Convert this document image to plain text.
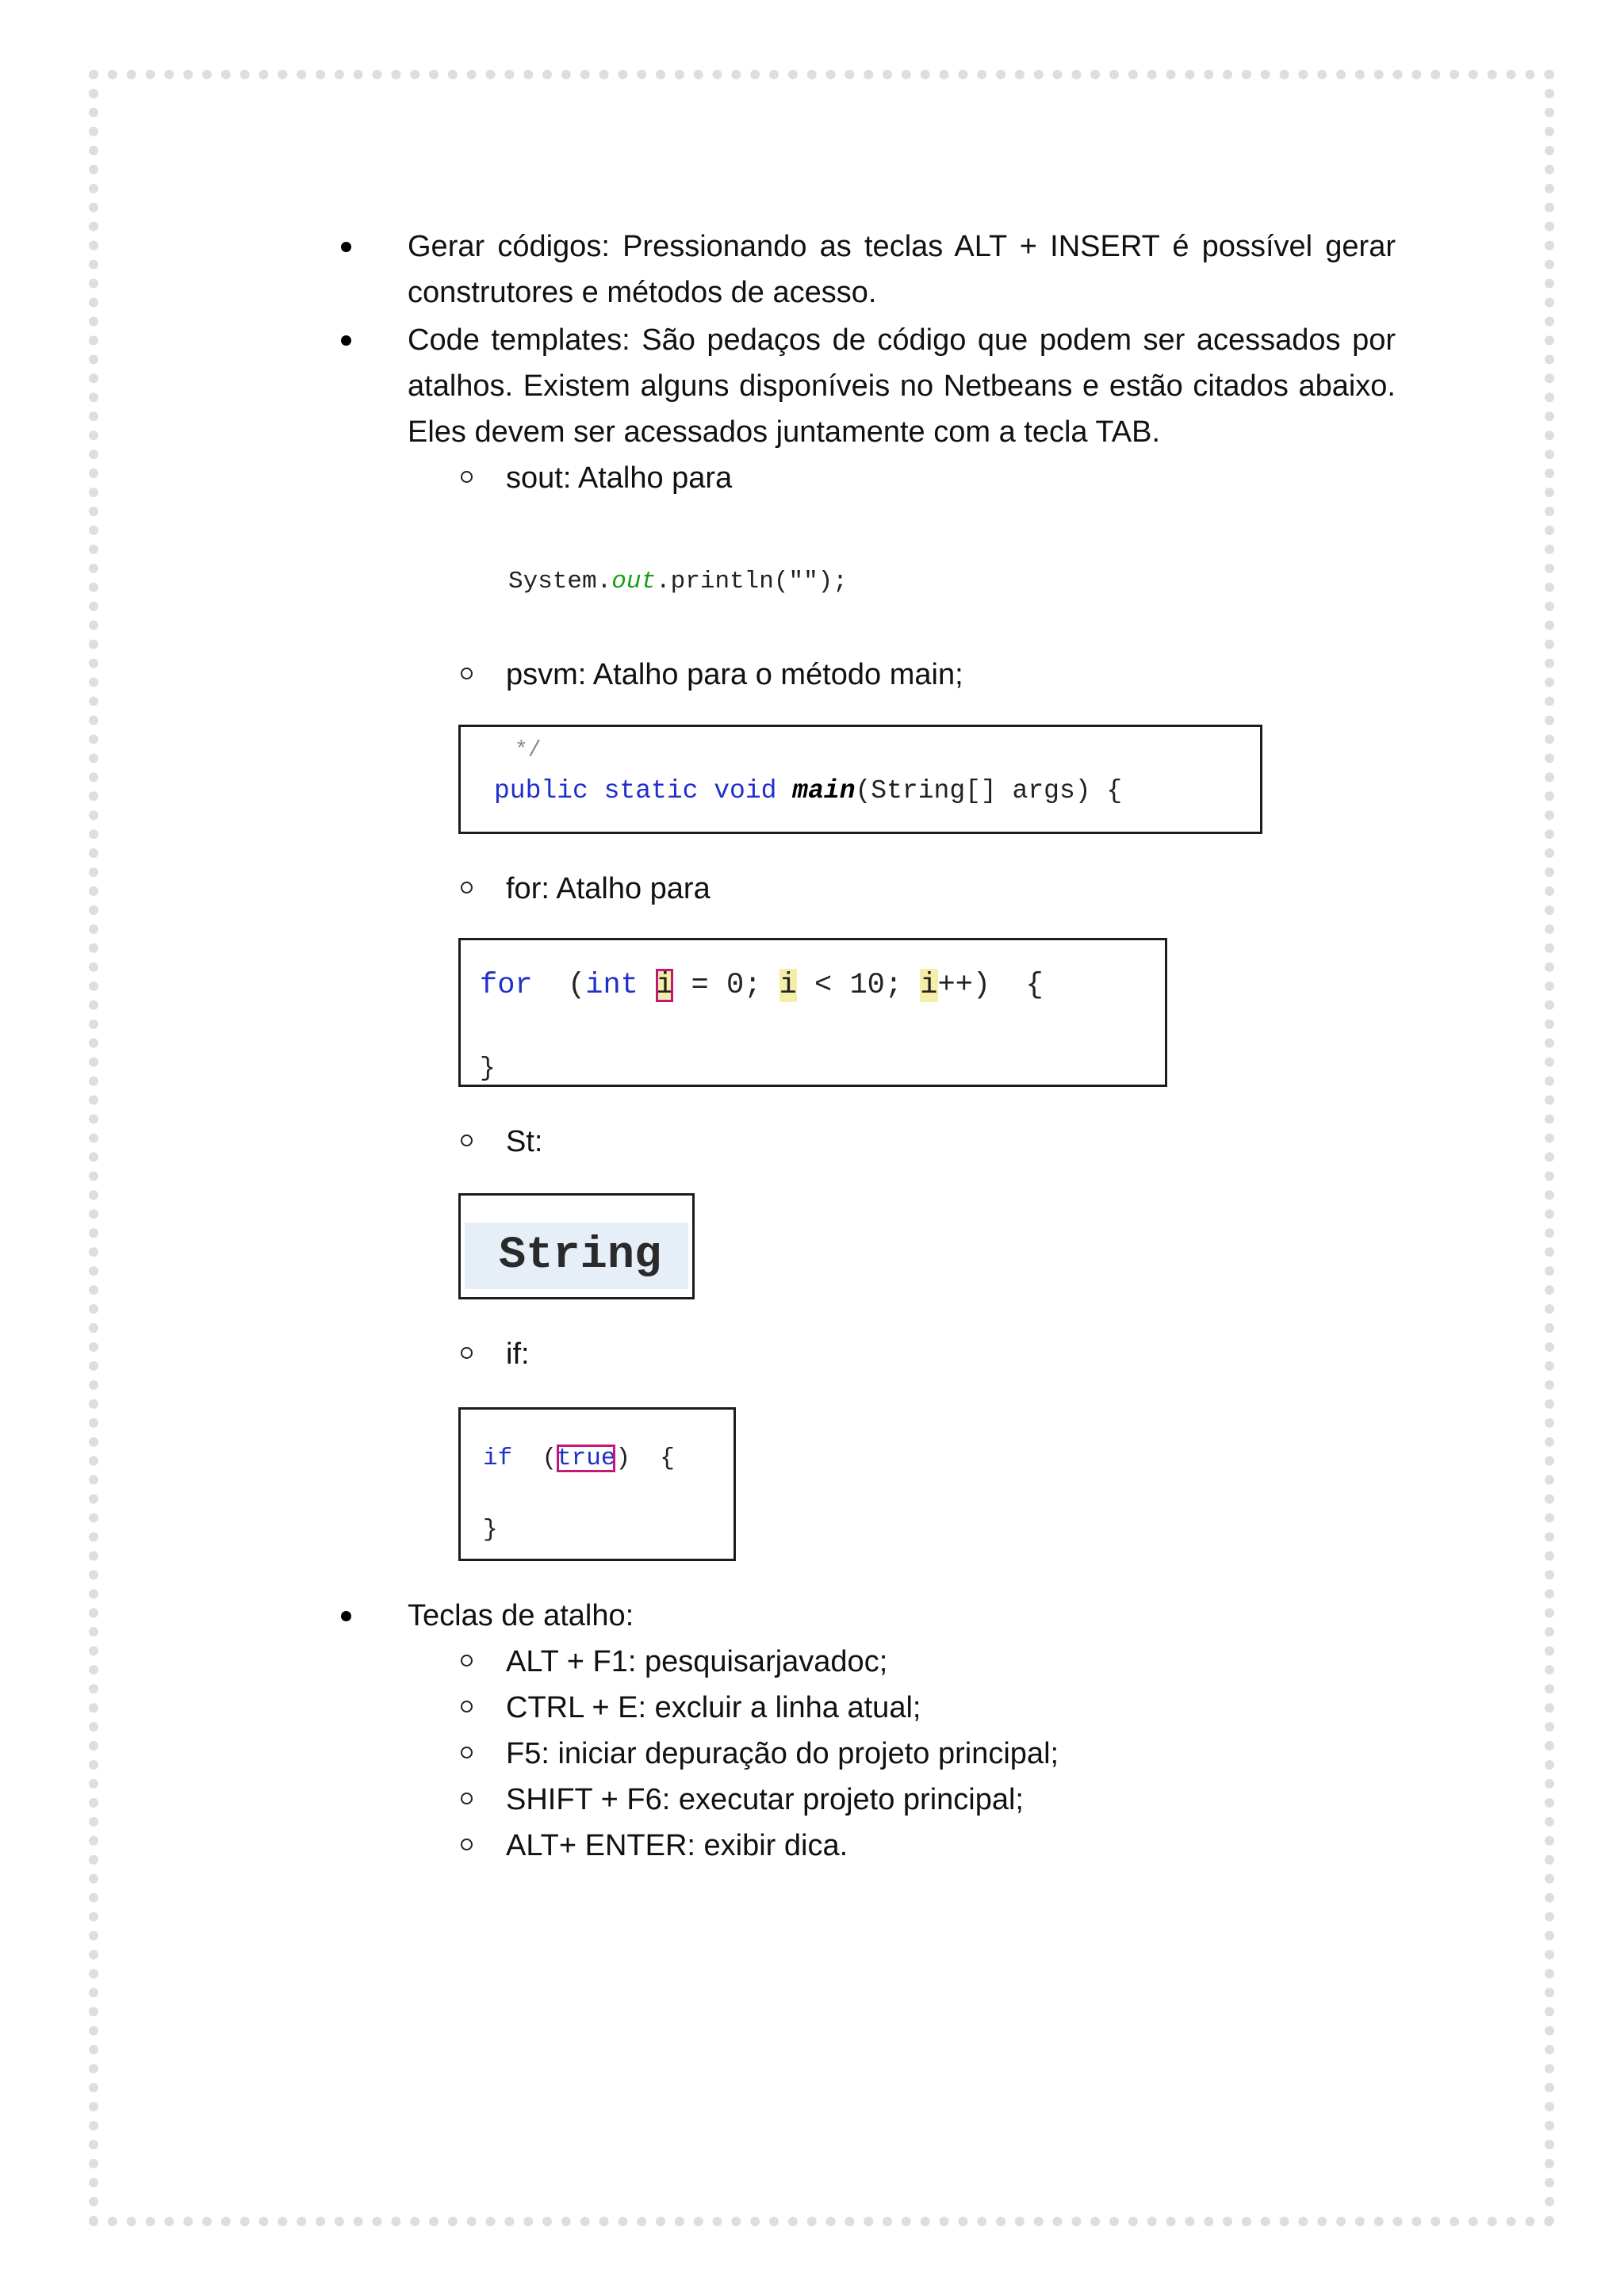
Gerar códigos: Pressionando as teclas ALT + INSERT é possível gerar construtores e métodos de acesso.
Code templates: São pedaços de código que podem ser acessados por atalhos. Existem alguns disponíveis no Netbeans e estão citados abaixo. Eles devem ser acessados juntamente com a tecla TAB.
sout: Atalho para
System.out.println("");
psvm: Atalho para o método main;
*/
public static void main(String[] args) {
for: Atalho para
for (int i = 0; i < 10; i++)  {
}
St:
String
if:
if (true)  {
}
Teclas de atalho:
ALT + F1: pesquisarjavadoc;
CTRL + E: excluir a linha atual;
F5: iniciar depuração do projeto principal;
SHIFT + F6: executar projeto principal;
ALT+ ENTER: exibir dica.
